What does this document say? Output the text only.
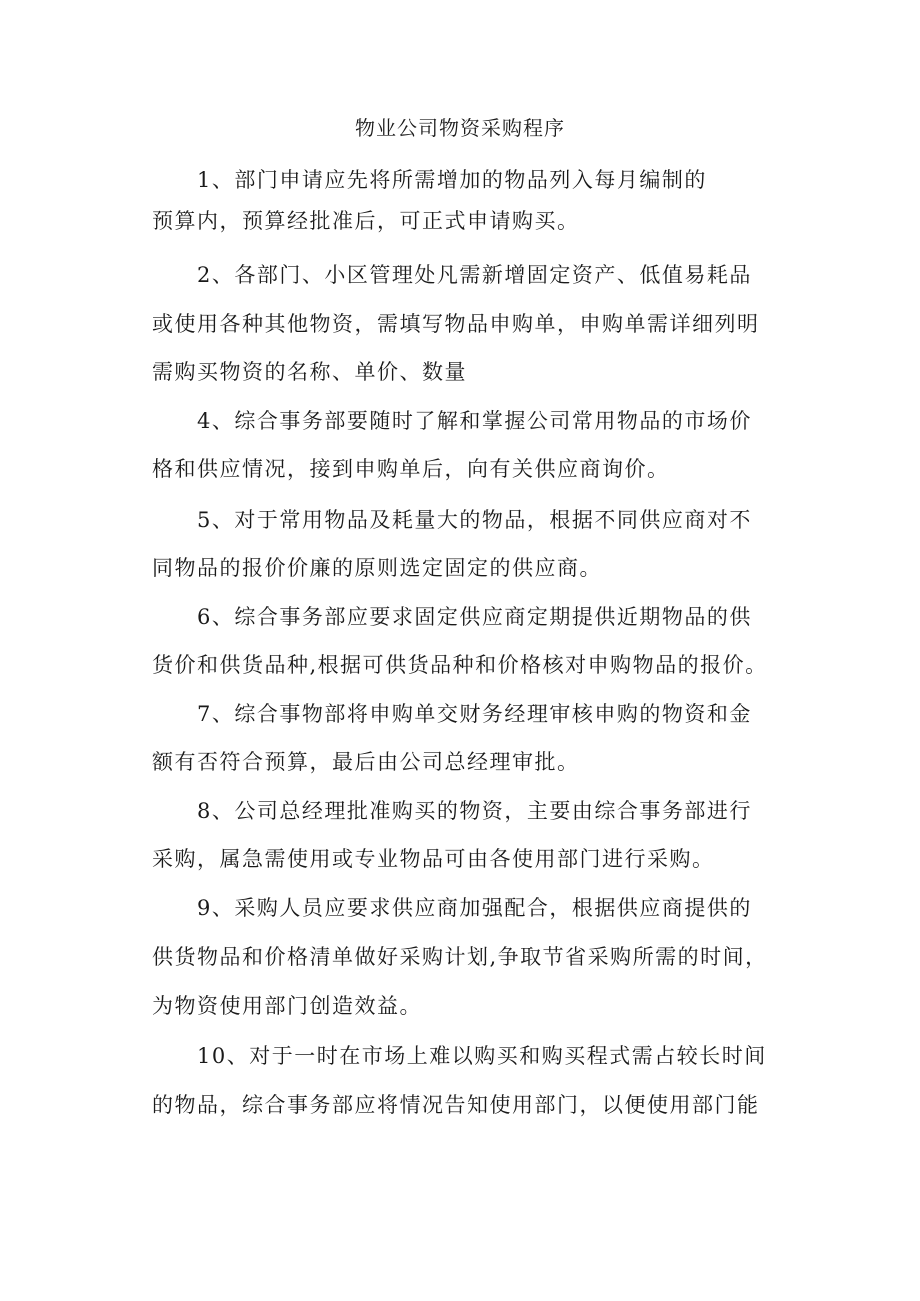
物业公司物资采购程序
1、部门申请应先将所需增加的物品列入每月编制的
预算内，预算经批准后，可正式申请购买。
2、各部门、小区管理处凡需新增固定资产、低值易耗品
或使用各种其他物资，需填写物品申购单，申购单需详细列明
需购买物资的名称、单价、数量
4、综合事务部要随时了解和掌握公司常用物品的市场价
格和供应情况，接到申购单后，向有关供应商询价。
5、对于常用物品及耗量大的物品，根据不同供应商对不
同物品的报价价廉的原则选定固定的供应商。
6、综合事务部应要求固定供应商定期提供近期物品的供
货价和供货品种,根据可供货品种和价格核对申购物品的报价。
7、综合事物部将申购单交财务经理审核申购的物资和金
额有否符合预算，最后由公司总经理审批。
8、公司总经理批准购买的物资，主要由综合事务部进行
采购，属急需使用或专业物品可由各使用部门进行采购。
9、采购人员应要求供应商加强配合，根据供应商提供的
供货物品和价格清单做好采购计划,争取节省采购所需的时间，
为物资使用部门创造效益。
10、对于一时在市场上难以购买和购买程式需占较长时间
的物品，综合事务部应将情况告知使用部门，以便使用部门能
